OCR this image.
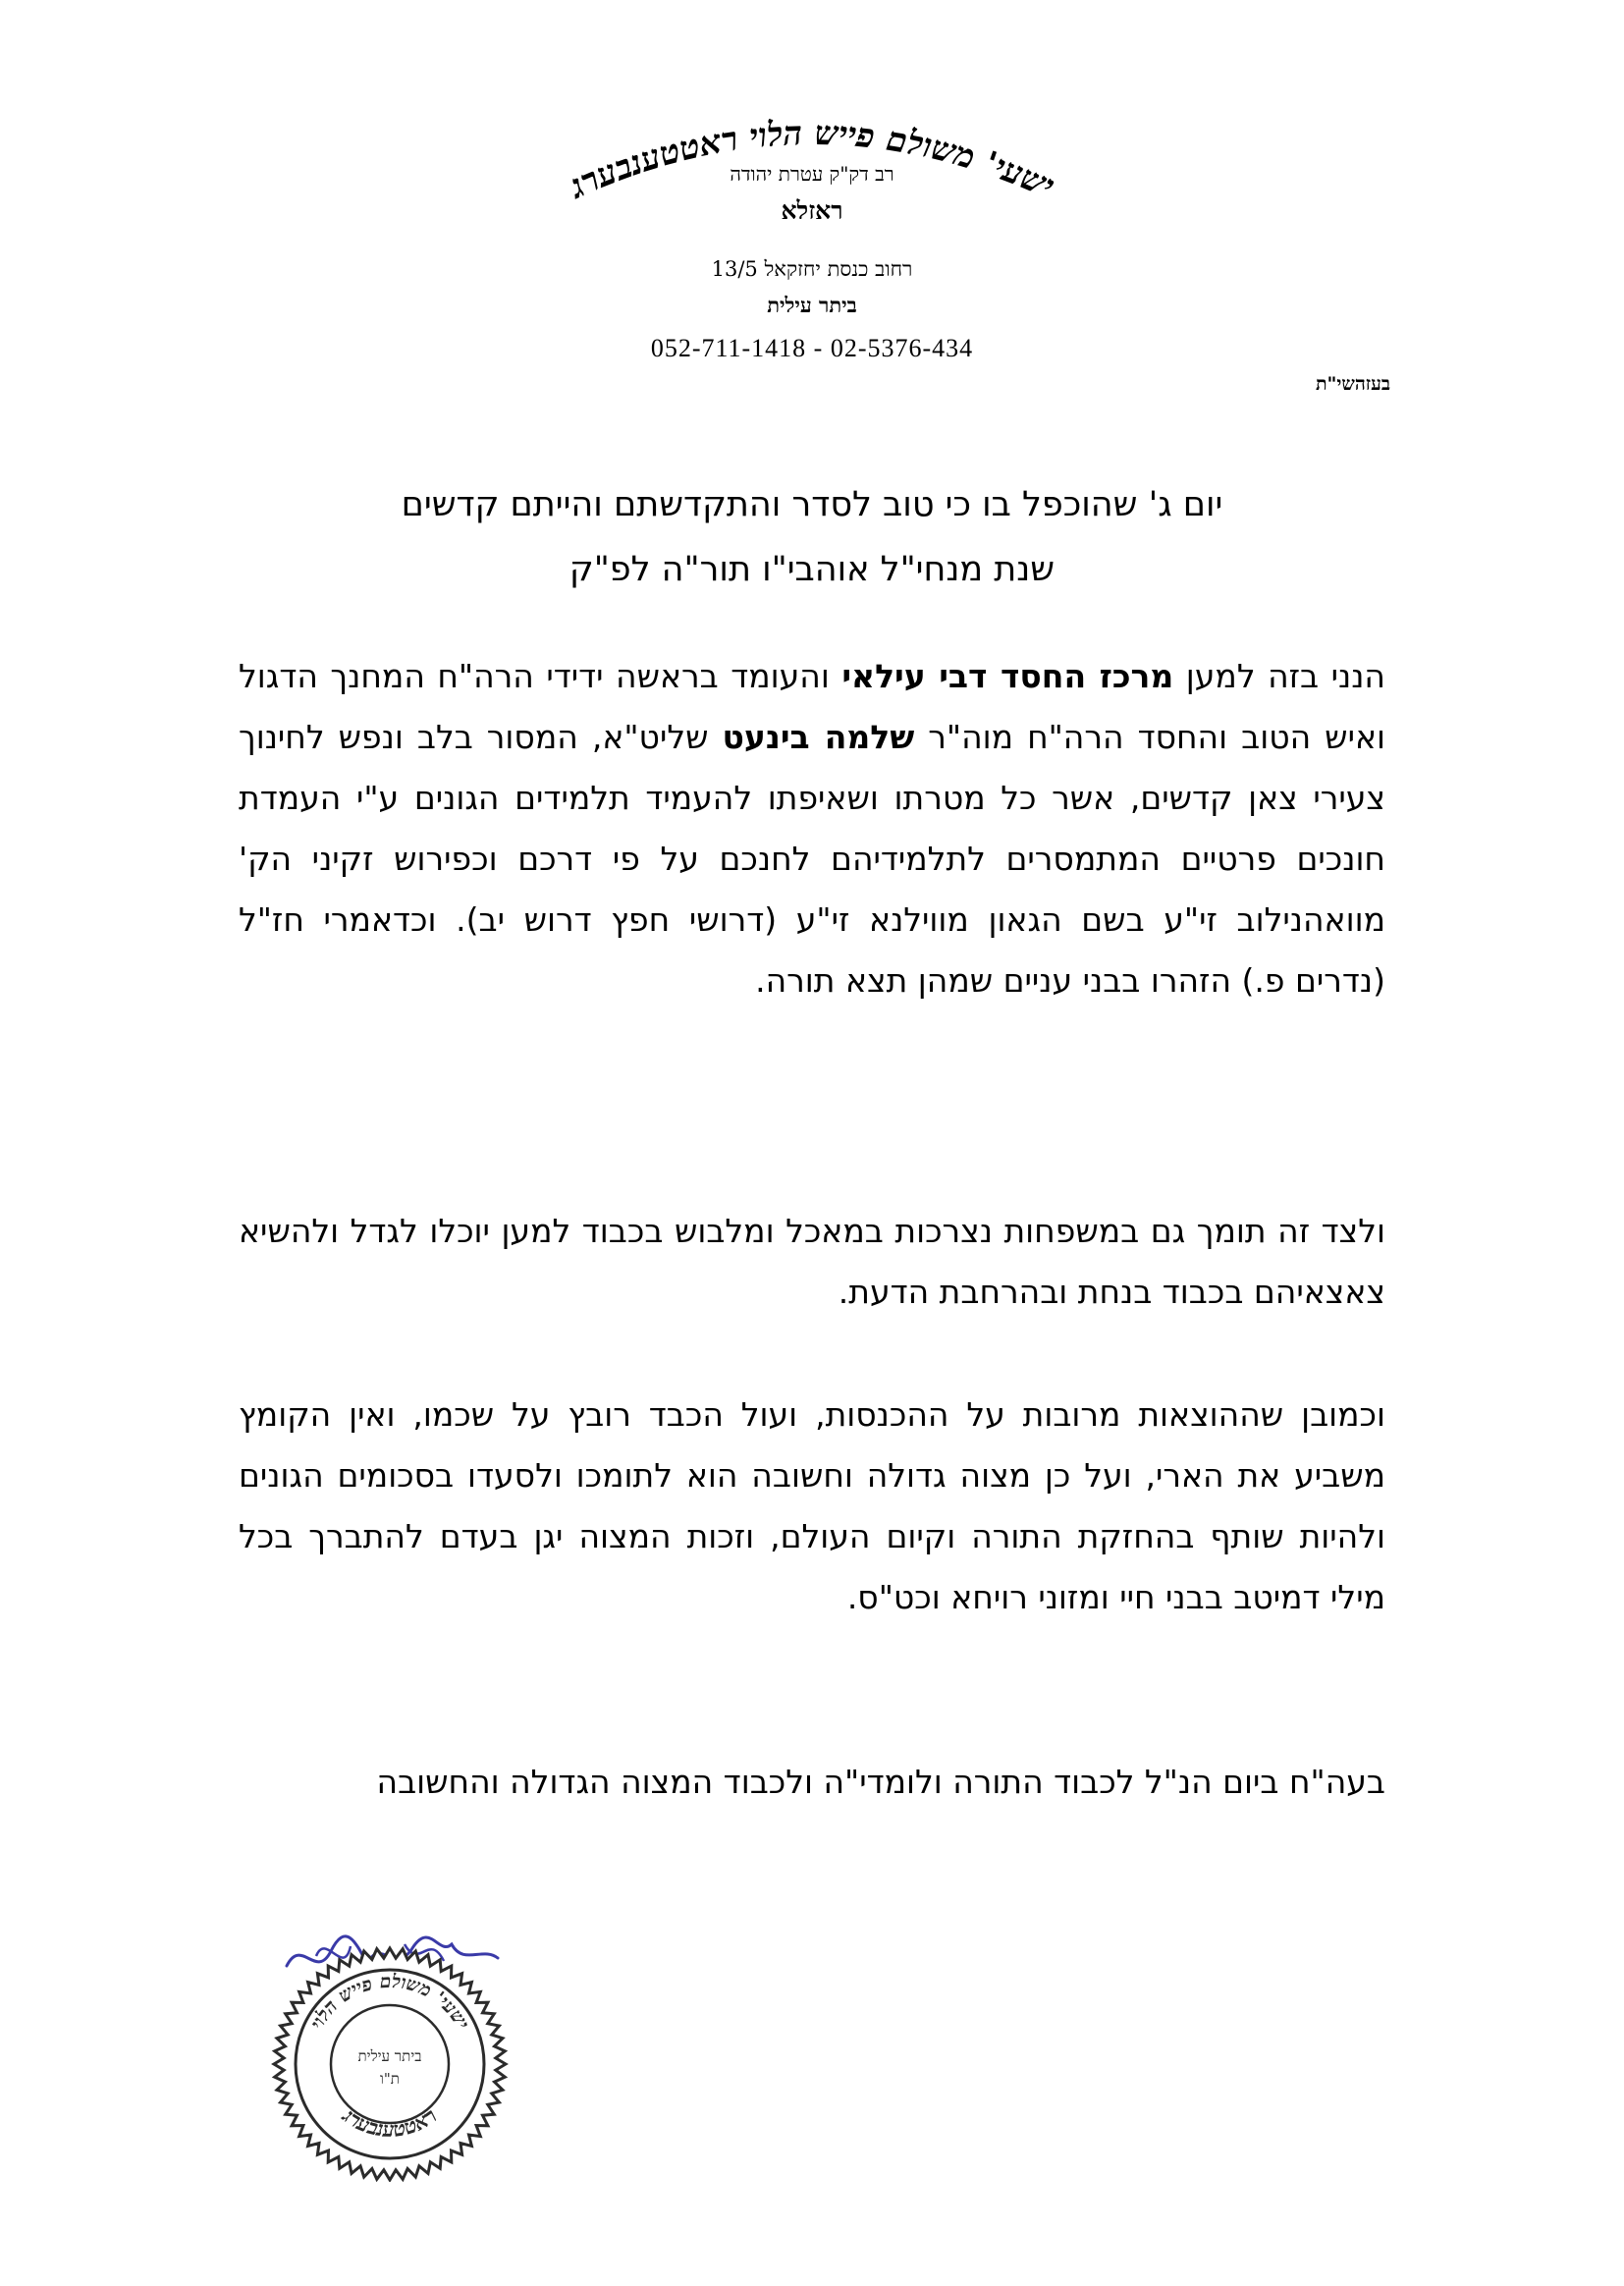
ישעי' משולם פייש הלוי ראטטענבערג
רב דק"ק עטרת יהודה
ראזלא
רחוב כנסת יחזקאל 13/5
ביתר עילית
052-711-1418 - 02-5376-434
בעזהשי"ת
יום ג' שהוכפל בו כי טוב לסדר והתקדשתם והייתם קדשים
שנת מנחי"ל אוהבי"ו תור"ה לפ"ק
הנני בזה למען מרכז החסד דבי עילאי והעומד בראשה ידידי הרה"ח המחנך הדגול ואיש הטוב והחסד הרה"ח מוה"ר שלמה בינעט שליט"א, המסור בלב ונפש לחינוך צעירי צאן קדשים, אשר כל מטרתו ושאיפתו להעמיד תלמידים הגונים ע"י העמדת חונכים פרטיים המתמסרים לתלמידיהם לחנכם על פי דרכם וכפירוש זקיני הק' מוואהנילוב זי"ע בשם הגאון מווילנא זי"ע (דרושי חפץ דרוש יב). וכדאמרי חז"ל (נדרים פ.) הזהרו בבני עניים שמהן תצא תורה.
ולצד זה תומך גם במשפחות נצרכות במאכל ומלבוש בכבוד למען יוכלו לגדל ולהשיא צאצאיהם בכבוד בנחת ובהרחבת הדעת.
וכמובן שההוצאות מרובות על ההכנסות, ועול הכבד רובץ על שכמו, ואין הקומץ משביע את הארי, ועל כן מצוה גדולה וחשובה הוא לתומכו ולסעדו בסכומים הגונים ולהיות שותף בהחזקת התורה וקיום העולם, וזכות המצוה יגן בעדם להתברך בכל מילי דמיטב בבני חיי ומזוני רויחא וכט"ס.
בעה"ח ביום הנ"ל לכבוד התורה ולומדי"ה ולכבוד המצוה הגדולה והחשובה
ישעי' משולם פייש הלוי
ראטטענבערג
ביתר עילית
ת"ו
